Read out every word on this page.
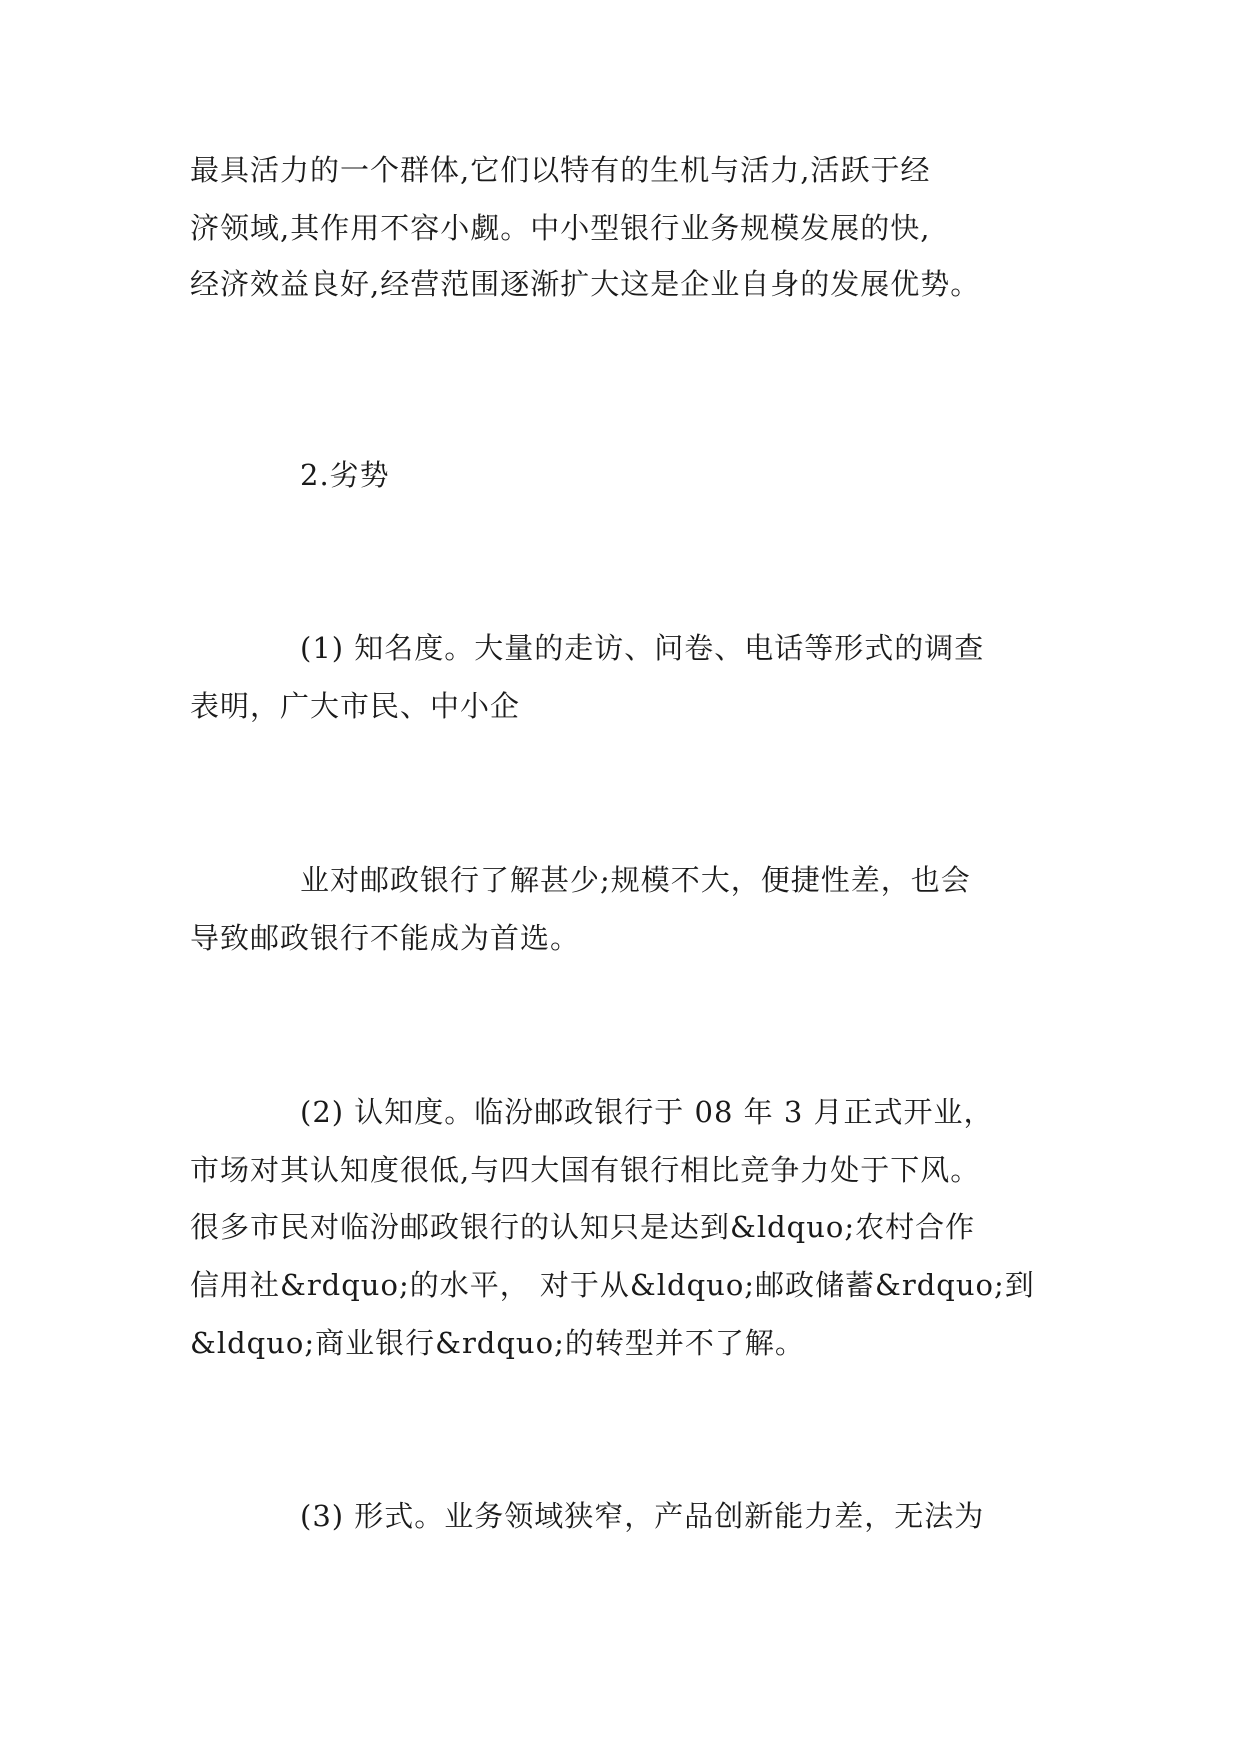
最具活力的一个群体,它们以特有的生机与活力,活跃于经
济领域,其作用不容小觑。中小型银行业务规模发展的快,
经济效益良好,经营范围逐渐扩大这是企业自身的发展优势。
2.劣势
(1) 知名度。大量的走访、问卷、电话等形式的调查
表明，广大市民、中小企
业对邮政银行了解甚少;规模不大，便捷性差，也会
导致邮政银行不能成为首选。
(2) 认知度。临汾邮政银行于 08 年 3 月正式开业，
市场对其认知度很低,与四大国有银行相比竞争力处于下风。
很多市民对临汾邮政银行的认知只是达到&ldquo;农村合作
信用社&rdquo;的水平， 对于从&ldquo;邮政储蓄&rdquo;到
&ldquo;商业银行&rdquo;的转型并不了解。
(3) 形式。业务领域狭窄，产品创新能力差，无法为
